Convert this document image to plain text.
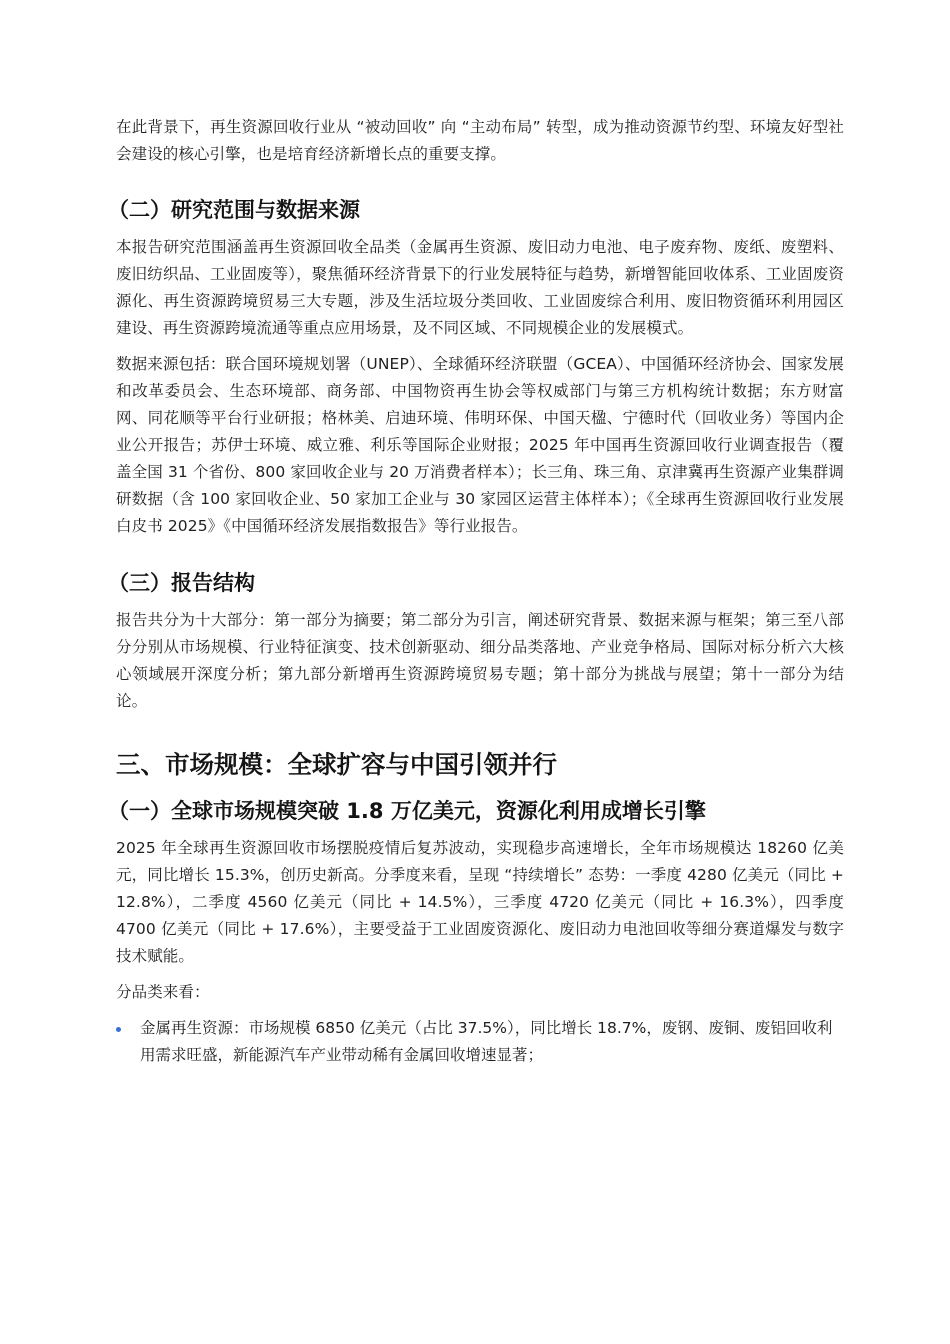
在此背景下，再生资源回收行业从 “被动回收” 向 “主动布局” 转型，成为推动资源节约型、环境友好型社会建设的核心引擎，也是培育经济新增长点的重要支撑。

（二）研究范围与数据来源

本报告研究范围涵盖再生资源回收全品类（金属再生资源、废旧动力电池、电子废弃物、废纸、废塑料、废旧纺织品、工业固废等），聚焦循环经济背景下的行业发展特征与趋势，新增智能回收体系、工业固废资源化、再生资源跨境贸易三大专题，涉及生活垃圾分类回收、工业固废综合利用、废旧物资循环利用园区建设、再生资源跨境流通等重点应用场景，及不同区域、不同规模企业的发展模式。

数据来源包括：联合国环境规划署（UNEP）、全球循环经济联盟（GCEA）、中国循环经济协会、国家发展和改革委员会、生态环境部、商务部、中国物资再生协会等权威部门与第三方机构统计数据；东方财富网、同花顺等平台行业研报；格林美、启迪环境、伟明环保、中国天楹、宁德时代（回收业务）等国内企业公开报告；苏伊士环境、威立雅、利乐等国际企业财报；2025 年中国再生资源回收行业调查报告（覆盖全国 31 个省份、800 家回收企业与 20 万消费者样本）；长三角、珠三角、京津冀再生资源产业集群调研数据（含 100 家回收企业、50 家加工企业与 30 家园区运营主体样本）；《全球再生资源回收行业发展白皮书 2025》《中国循环经济发展指数报告》等行业报告。

（三）报告结构

报告共分为十大部分：第一部分为摘要；第二部分为引言，阐述研究背景、数据来源与框架；第三至八部分分别从市场规模、行业特征演变、技术创新驱动、细分品类落地、产业竞争格局、国际对标分析六大核心领域展开深度分析；第九部分新增再生资源跨境贸易专题；第十部分为挑战与展望；第十一部分为结论。

三、市场规模：全球扩容与中国引领并行
（一）全球市场规模突破 1.8 万亿美元，资源化利用成增长引擎

2025 年全球再生资源回收市场摆脱疫情后复苏波动，实现稳步高速增长，全年市场规模达 18260 亿美元，同比增长 15.3%，创历史新高。分季度来看，呈现 “持续增长” 态势：一季度 4280 亿美元（同比 + 12.8%），二季度 4560 亿美元（同比 + 14.5%），三季度 4720 亿美元（同比 + 16.3%），四季度 4700 亿美元（同比 + 17.6%），主要受益于工业固废资源化、废旧动力电池回收等细分赛道爆发与数字技术赋能。

分品类来看：

金属再生资源：市场规模 6850 亿美元（占比 37.5%），同比增长 18.7%，废钢、废铜、废铝回收利用需求旺盛，新能源汽车产业带动稀有金属回收增速显著；
